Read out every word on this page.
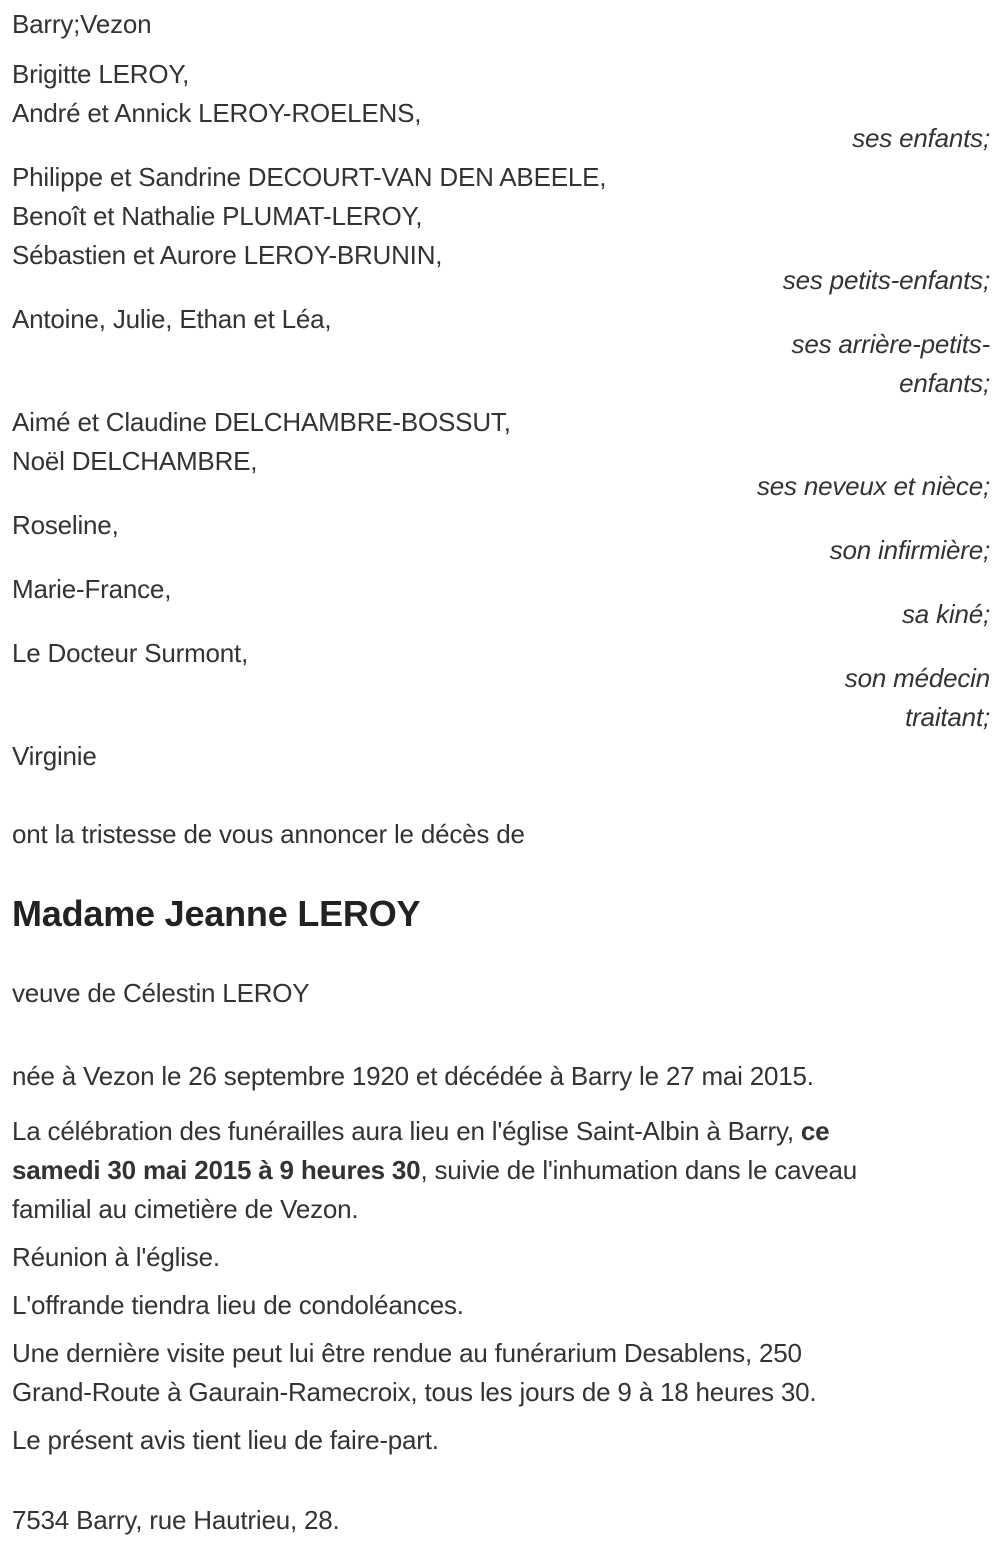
Barry;Vezon

Brigitte LEROY,

André et Annick LEROY-ROELENS,

ses enfants;

Philippe et Sandrine DECOURT-VAN DEN ABEELE,

Benoît et Nathalie PLUMAT-LEROY,

Sébastien et Aurore LEROY-BRUNIN,

ses petits-enfants;

Antoine, Julie, Ethan et Léa,

ses arrière-petits-
enfants;

Aimé et Claudine DELCHAMBRE-BOSSUT,

Noël DELCHAMBRE,

ses neveux et nièce;

Roseline,

son infirmière;

Marie-France,

sa kiné;

Le Docteur Surmont,

son médecin
traitant;

Virginie

ont la tristesse de vous annoncer le décès de

Madame Jeanne LEROY

veuve de Célestin LEROY

née à Vezon le 26 septembre 1920 et décédée à Barry le 27 mai 2015.

La célébration des funérailles aura lieu en l'église Saint-Albin à Barry, ce
samedi 30 mai 2015 à 9 heures 30, suivie de l'inhumation dans le caveau
familial au cimetière de Vezon.

Réunion à l'église.

L'offrande tiendra lieu de condoléances.

Une dernière visite peut lui être rendue au funérarium Desablens, 250
Grand-Route à Gaurain-Ramecroix, tous les jours de 9 à 18 heures 30.

Le présent avis tient lieu de faire-part.

7534 Barry, rue Hautrieu, 28.
